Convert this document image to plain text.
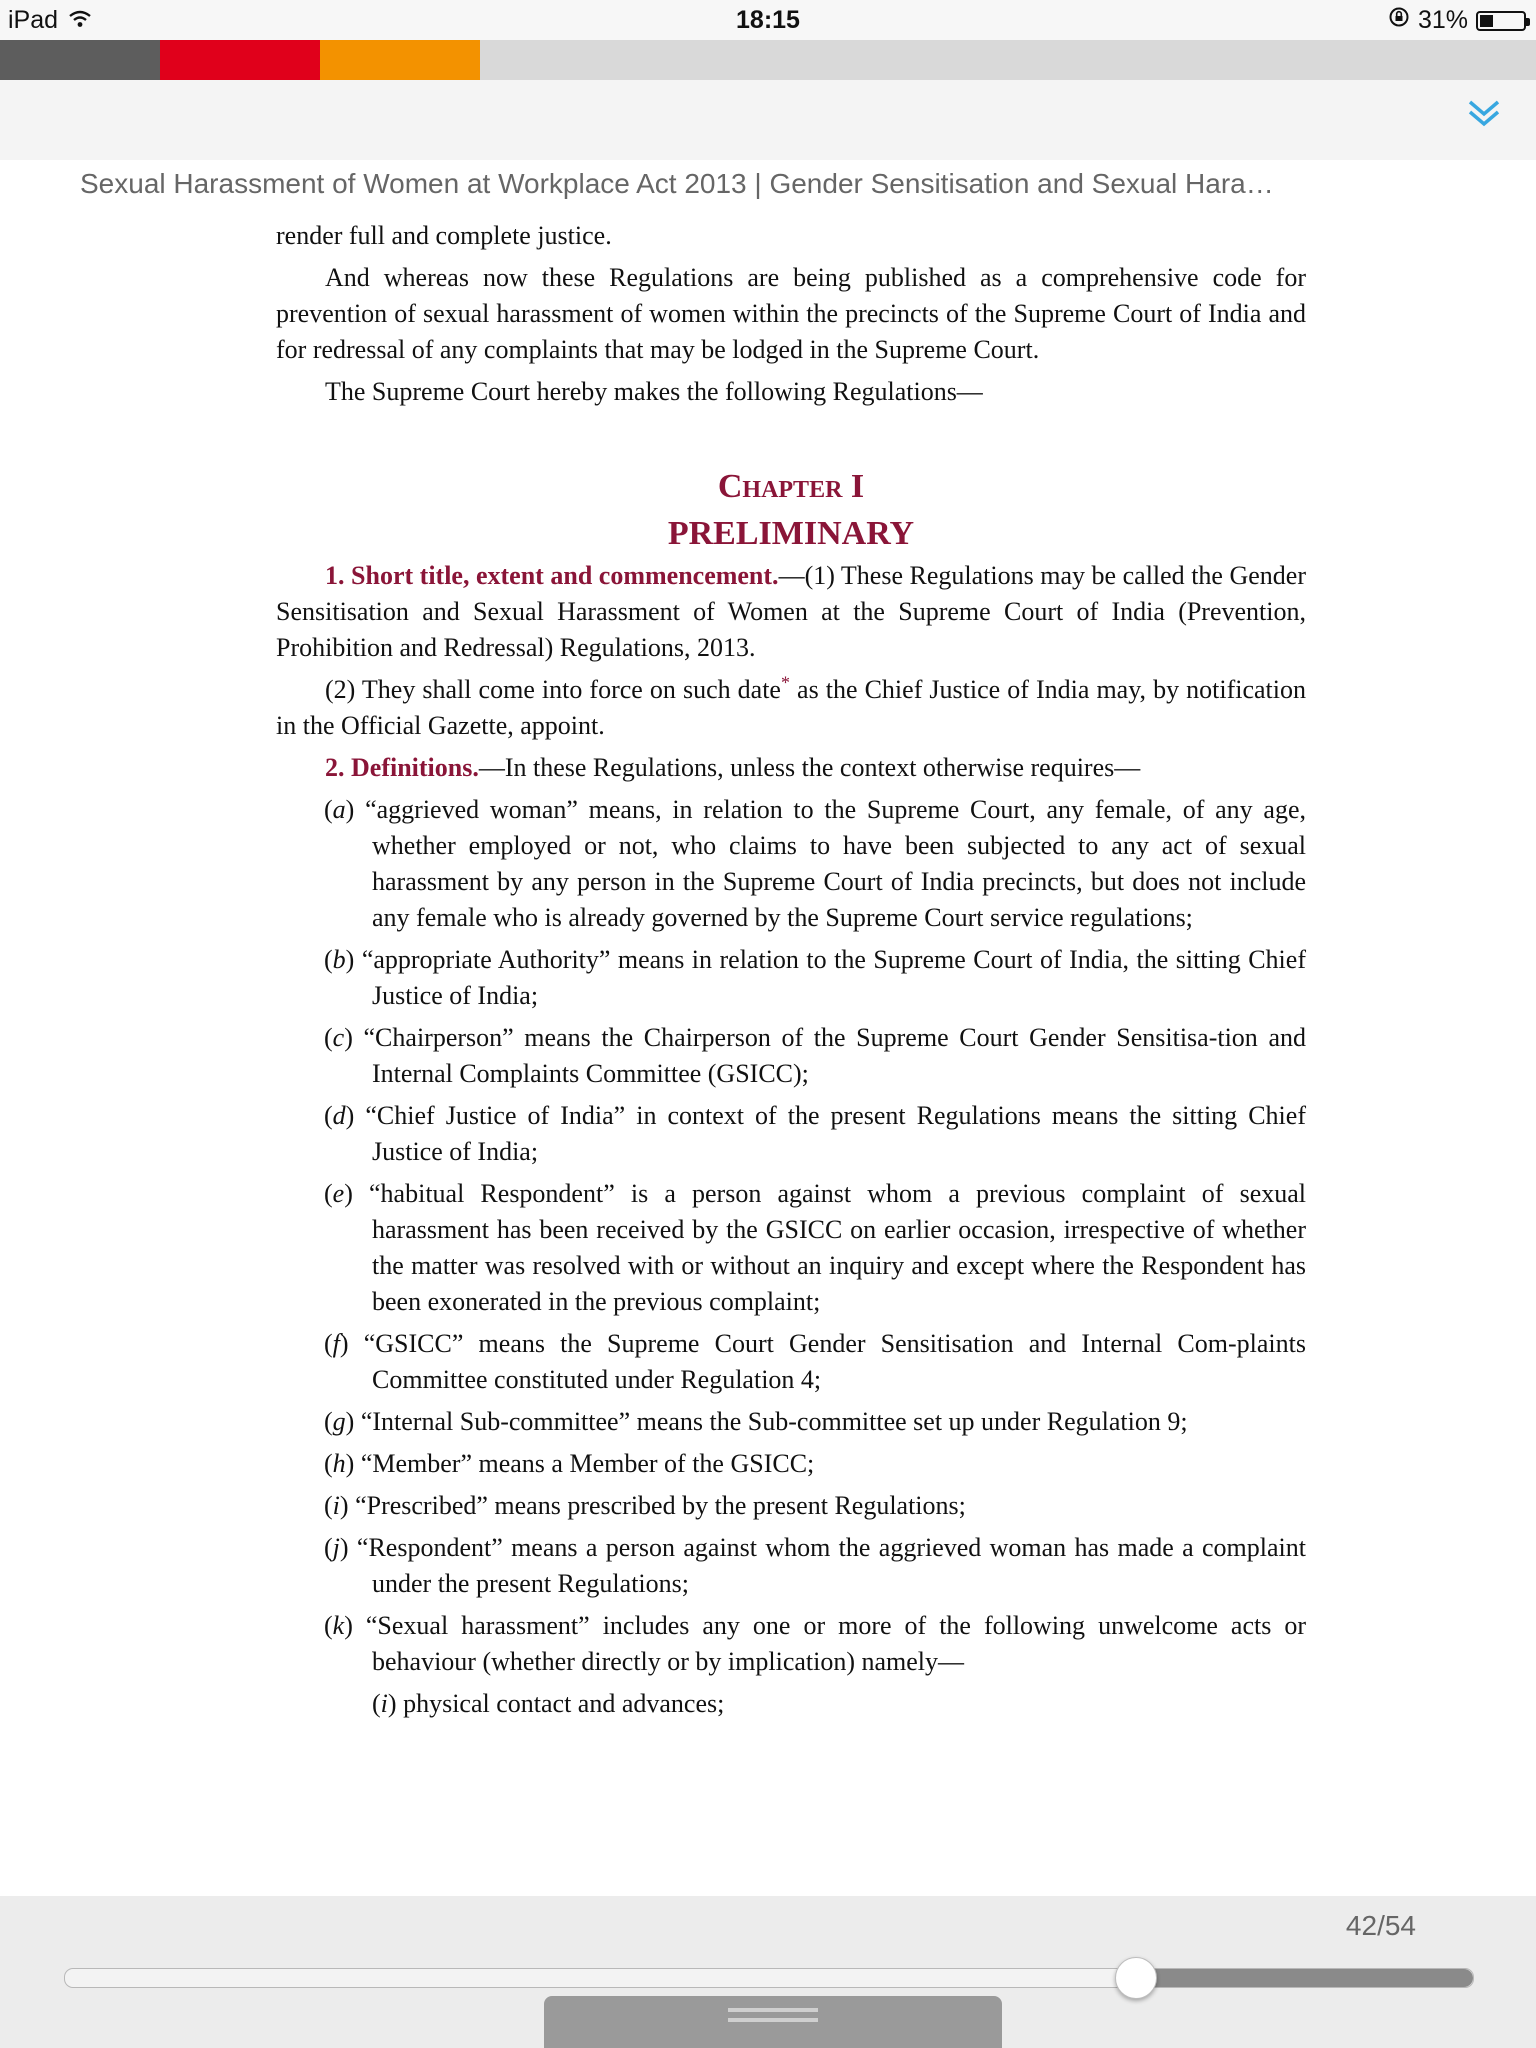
iPad	18:15	31%
Sexual Harassment of Women at Workplace Act 2013 | Gender Sensitisation and Sexual Hara…

render full and complete justice.

And whereas now these Regulations are being published as a comprehensive code for prevention of sexual harassment of women within the precincts of the Supreme Court of India and for redressal of any complaints that may be lodged in the Supreme Court.

The Supreme Court hereby makes the following Regulations—

Chapter I
PRELIMINARY

1. Short title, extent and commencement.—(1) These Regulations may be called the Gender Sensitisation and Sexual Harassment of Women at the Supreme Court of India (Prevention, Prohibition and Redressal) Regulations, 2013.

(2) They shall come into force on such date* as the Chief Justice of India may, by notification in the Official Gazette, appoint.

2. Definitions.—In these Regulations, unless the context otherwise requires—

(a) “aggrieved woman” means, in relation to the Supreme Court, any female, of any age, whether employed or not, who claims to have been subjected to any act of sexual harassment by any person in the Supreme Court of India precincts, but does not include any female who is already governed by the Supreme Court service regulations;

(b) “appropriate Authority” means in relation to the Supreme Court of India, the sitting Chief Justice of India;

(c) “Chairperson” means the Chairperson of the Supreme Court Gender Sensitisa-tion and Internal Complaints Committee (GSICC);

(d) “Chief Justice of India” in context of the present Regulations means the sitting Chief Justice of India;

(e) “habitual Respondent” is a person against whom a previous complaint of sexual harassment has been received by the GSICC on earlier occasion, irrespective of whether the matter was resolved with or without an inquiry and except where the Respondent has been exonerated in the previous complaint;

(f) “GSICC” means the Supreme Court Gender Sensitisation and Internal Com-plaints Committee constituted under Regulation 4;

(g) “Internal Sub-committee” means the Sub-committee set up under Regulation 9;

(h) “Member” means a Member of the GSICC;

(i) “Prescribed” means prescribed by the present Regulations;

(j) “Respondent” means a person against whom the aggrieved woman has made a complaint under the present Regulations;

(k) “Sexual harassment” includes any one or more of the following unwelcome acts or behaviour (whether directly or by implication) namely—

(i) physical contact and advances;

42/54
